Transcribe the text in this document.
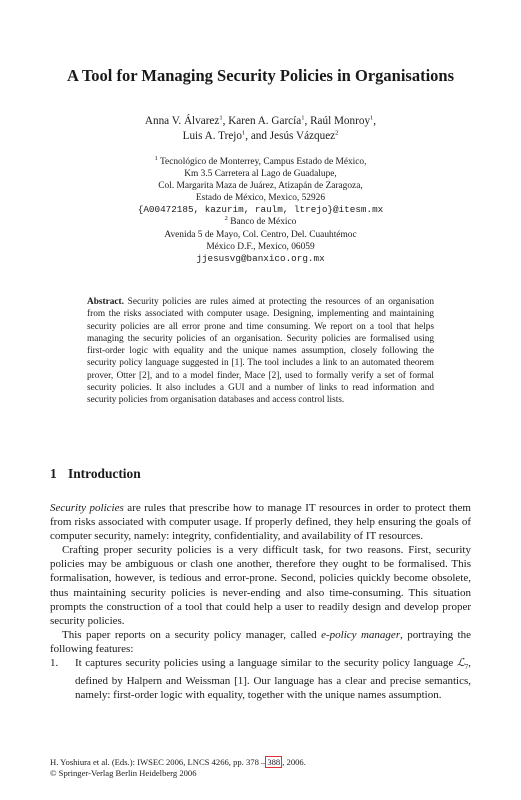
A Tool for Managing Security Policies in Organisations
Anna V. Álvarez$^1$, Karen A. García$^1$, Raúl Monroy$^1$,
Luis A. Trejo$^1$, and Jesús Vázquez$^2$
$^1$ Tecnológico de Monterrey, Campus Estado de México,
Km 3.5 Carretera al Lago de Guadalupe,
Col. Margarita Maza de Juárez, Atizapán de Zaragoza,
Estado de México, Mexico, 52926
{A00472185, kazurim, raulm, ltrejo}@itesm.mx
$^2$ Banco de México
Avenida 5 de Mayo, Col. Centro, Del. Cuauhtémoc
México D.F., Mexico, 06059
jjesusvg@banxico.org.mx
Abstract. Security policies are rules aimed at protecting the resources of an organisation from the risks associated with computer usage. Designing, implementing and maintaining security policies are all error prone and time consuming. We report on a tool that helps managing the security policies of an organisation. Security policies are formalised using first-order logic with equality and the unique names assumption, closely following the security policy language suggested in [1]. The tool includes a link to an automated theorem prover, Otter [2], and to a model finder, Mace [2], used to formally verify a set of formal security policies. It also includes a GUI and a number of links to read information and security policies from organisation databases and access control lists.
1 Introduction

Security policies are rules that prescribe how to manage IT resources in order to protect them from risks associated with computer usage. If properly defined, they help ensuring the goals of computer security, namely: integrity, confidentiality, and availability of IT resources.

Crafting proper security policies is a very difficult task, for two reasons. First, security policies may be ambiguous or clash one another, therefore they ought to be formalised. This formalisation, however, is tedious and error-prone. Second, policies quickly become obsolete, thus maintaining security policies is never-ending and also time-consuming. This situation prompts the construction of a tool that could help a user to readily design and develop proper security policies.

This paper reports on a security policy manager, called e-policy manager, portraying the following features:

1. It captures security policies using a language similar to the security policy language ℒ$_7$, defined by Halpern and Weissman [1]. Our language has a clear and precise semantics, namely: first-order logic with equality, together with the unique names assumption.
H. Yoshiura et al. (Eds.): IWSEC 2006, LNCS 4266, pp. 378 – 388 , 2006.
© Springer-Verlag Berlin Heidelberg 2006
